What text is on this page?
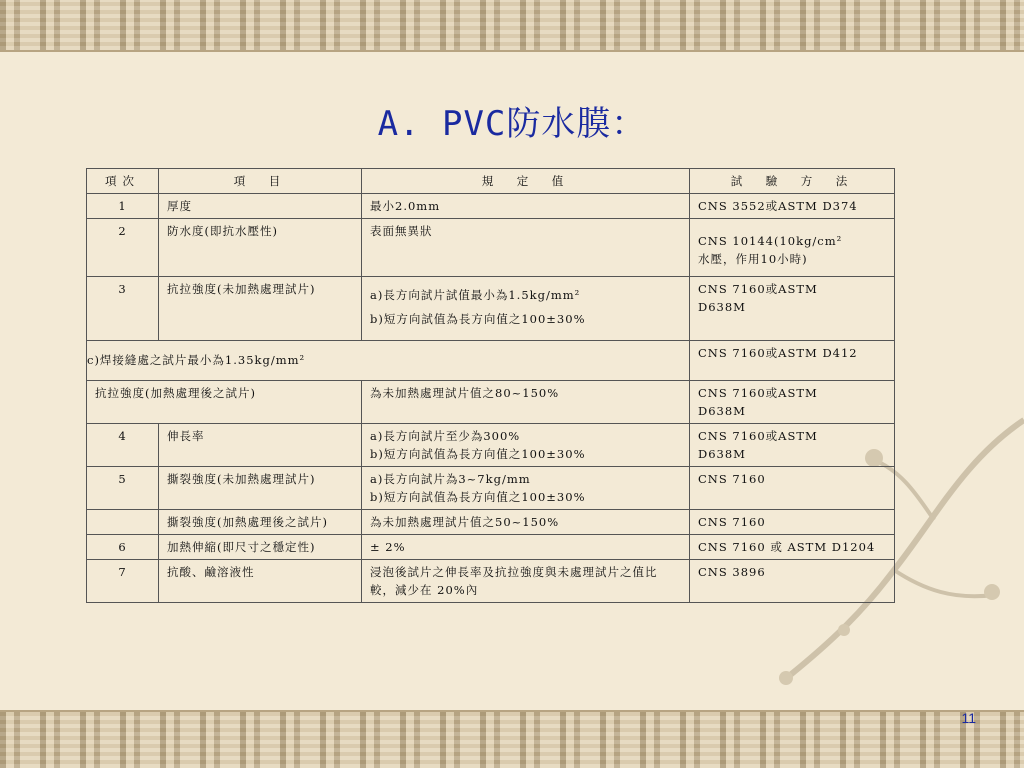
A. PVC防水膜：
項次	項　目	規　定　值	試　驗　方　法
1	厚度	最小2.0mm	CNS 3552或ASTM D374
2	防水度(即抗水壓性)	表面無異狀	CNS 10144(10kg/cm²
水壓，作用10小時)

3	抗拉強度(未加熱處理試片)	a)長方向試片試值最小為1.5kg/mm²
b)短方向試值為長方向值之100±30%	CNS 7160或ASTM
D638M

c)焊接縫處之試片最小為1.35kg/mm²			CNS 7160或ASTM D412
抗拉強度(加熱處理後之試片)		為未加熱處理試片值之80~150%	CNS 7160或ASTM
D638M

4	伸長率	a)長方向試片至少為300%
b)短方向試值為長方向值之100±30%	CNS 7160或ASTM
D638M

5	撕裂強度(未加熱處理試片)	a)長方向試片為3~7kg/mm
b)短方向試值為長方向值之100±30%	CNS 7160
	撕裂強度(加熱處理後之試片)	為未加熱處理試片值之50~150%	CNS 7160
6	加熱伸縮(即尺寸之穩定性)	± 2%	CNS 7160 或 ASTM D1204
7	抗酸、鹼溶液性	浸泡後試片之伸長率及抗拉強度與未處理試片之值比較，減少在 20%內	CNS 3896
11
